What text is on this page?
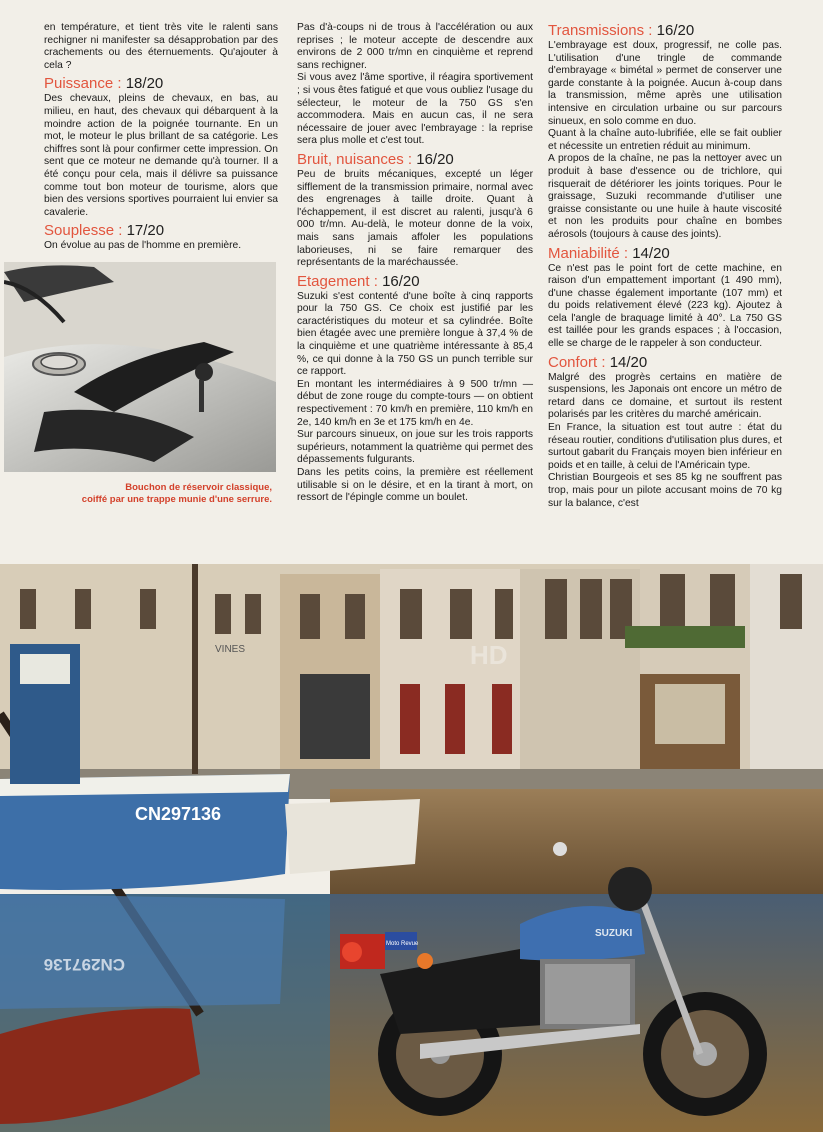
en température, et tient très vite le ralenti sans rechigner ni manifester sa désapprobation par des crachements ou des éternuements. Qu'ajouter à cela ?

Puissance : 18/20

Des chevaux, pleins de chevaux, en bas, au milieu, en haut, des chevaux qui débarquent à la moindre action de la poignée tournante. En un mot, le moteur le plus brillant de sa catégorie. Les chiffres sont là pour confirmer cette impression. On sent que ce moteur ne demande qu'à tourner. Il a été conçu pour cela, mais il délivre sa puissance comme tout bon moteur de tourisme, alors que bien des versions sportives pourraient lui envier sa cavalerie.

Souplesse : 17/20

On évolue au pas de l'homme en première.

Bouchon de réservoir classique,
coiffé par une trappe munie d'une serrure.

Pas d'à-coups ni de trous à l'accélération ou aux reprises ; le moteur accepte de descendre aux environs de 2 000 tr/mn en cinquième et reprend sans rechigner.

Si vous avez l'âme sportive, il réagira sportivement ; si vous êtes fatigué et que vous oubliez l'usage du sélecteur, le moteur de la 750 GS s'en accommodera. Mais en aucun cas, il ne sera nécessaire de jouer avec l'embrayage : la reprise sera plus molle et c'est tout.

Bruit, nuisances : 16/20

Peu de bruits mécaniques, excepté un léger sifflement de la transmission primaire, normal avec des engrenages à taille droite. Quant à l'échappement, il est discret au ralenti, jusqu'à 6 000 tr/mn. Au-delà, le moteur donne de la voix, mais sans jamais affoler les populations laborieuses, ni se faire remarquer des représentants de la maréchaussée.

Etagement : 16/20

Suzuki s'est contenté d'une boîte à cinq rapports pour la 750 GS. Ce choix est justifié par les caractéristiques du moteur et sa cylindrée. Boîte bien étagée avec une première longue à 37,4 % de la cinquième et une quatrième intéressante à 85,4 %, ce qui donne à la 750 GS un punch terrible sur ce rapport.

En montant les intermédiaires à 9 500 tr/mn — début de zone rouge du compte-tours — on obtient respectivement : 70 km/h en première, 110 km/h en 2e, 140 km/h en 3e et 175 km/h en 4e.

Sur parcours sinueux, on joue sur les trois rapports supérieurs, notamment la quatrième qui permet des dépassements fulgurants.

Dans les petits coins, la première est réellement utilisable si on le désire, et en la tirant à mort, on ressort de l'épingle comme un boulet.

Transmissions : 16/20

L'embrayage est doux, progressif, ne colle pas. L'utilisation d'une tringle de commande d'embrayage « bimétal » permet de conserver une garde constante à la poignée. Aucun à-coup dans la transmission, même après une utilisation intensive en circulation urbaine ou sur parcours sinueux, en solo comme en duo.

Quant à la chaîne auto-lubrifiée, elle se fait oublier et nécessite un entretien réduit au minimum.

A propos de la chaîne, ne pas la nettoyer avec un produit à base d'essence ou de trichlore, qui risquerait de détériorer les joints toriques. Pour le graissage, Suzuki recommande d'utiliser une graisse consistante ou une huile à haute viscosité et non les produits pour chaîne en bombes aérosols (toujours à cause des joints).

Maniabilité : 14/20

Ce n'est pas le point fort de cette machine, en raison d'un empattement important (1 490 mm), d'une chasse également importante (107 mm) et du poids relativement élevé (223 kg). Ajoutez à cela l'angle de braquage limité à 40°. La 750 GS est taillée pour les grands espaces ; à l'occasion, elle se charge de le rappeler à son conducteur.

Confort : 14/20

Malgré des progrès certains en matière de suspensions, les Japonais ont encore un métro de retard dans ce domaine, et surtout ils restent polarisés par les critères du marché américain.

En France, la situation est tout autre : état du réseau routier, conditions d'utilisation plus dures, et surtout gabarit du Français moyen bien inférieur en poids et en taille, à celui de l'Américain type.

Christian Bourgeois et ses 85 kg ne souffrent pas trop, mais pour un pilote accusant moins de 70 kg sur la balance, c'est

CN297136
CN297136
VINES	HD
SUZUKI
Moto Revue
